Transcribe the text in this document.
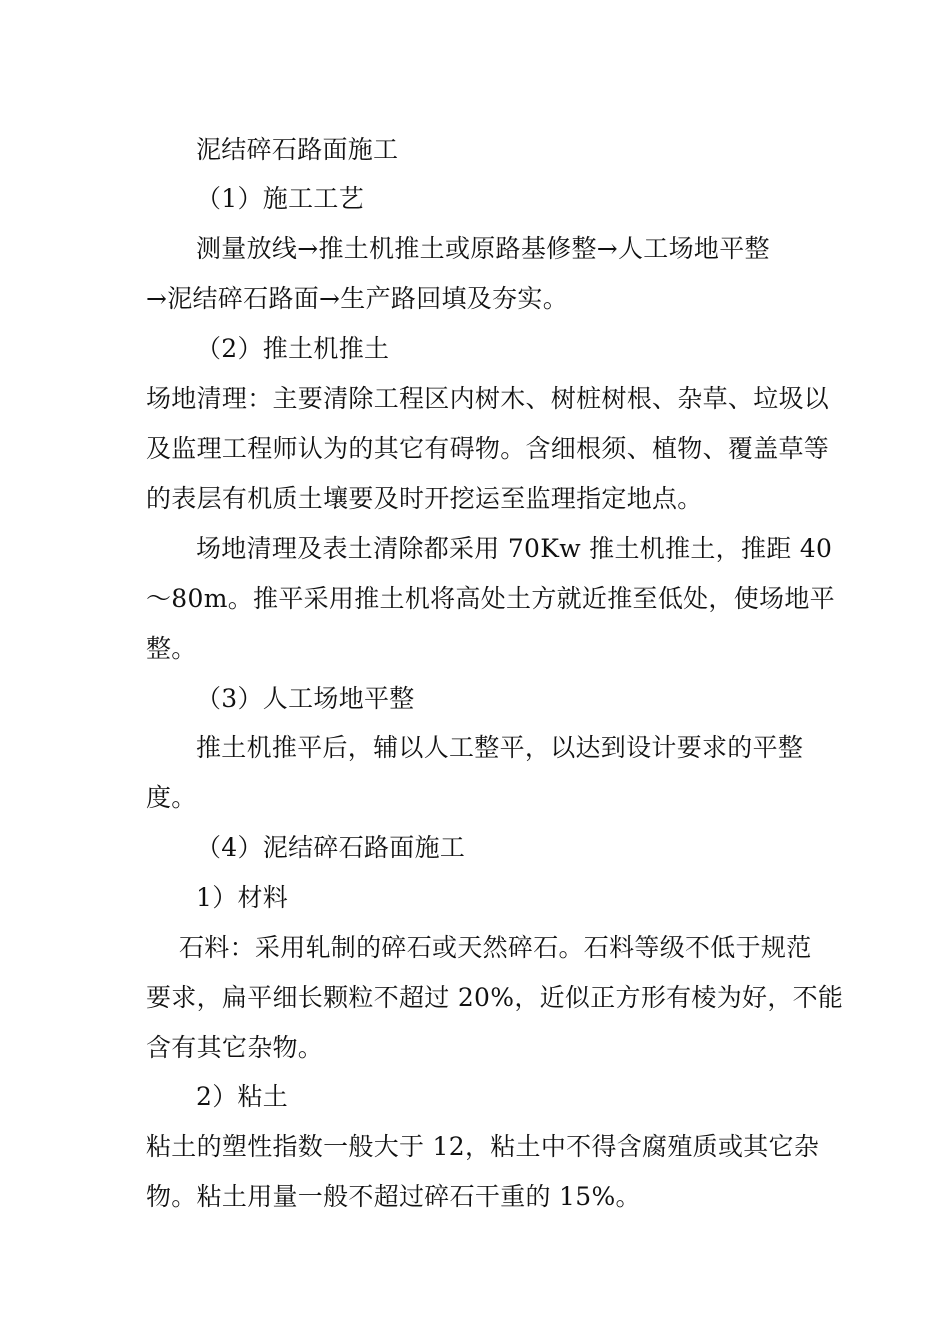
泥结碎石路面施工
（1）施工工艺
测量放线→推土机推土或原路基修整→人工场地平整
→泥结碎石路面→生产路回填及夯实。
（2）推土机推土
场地清理：主要清除工程区内树木、树桩树根、杂草、垃圾以
及监理工程师认为的其它有碍物。含细根须、植物、覆盖草等
的表层有机质土壤要及时开挖运至监理指定地点。
场地清理及表土清除都采用 70Kw 推土机推土，推距 40
～80m。推平采用推土机将高处土方就近推至低处，使场地平
整。
（3）人工场地平整
推土机推平后，辅以人工整平，以达到设计要求的平整
度。
（4）泥结碎石路面施工
1）材料
石料：采用轧制的碎石或天然碎石。石料等级不低于规范
要求，扁平细长颗粒不超过 20%，近似正方形有棱为好，不能
含有其它杂物。
2）粘土
粘土的塑性指数一般大于 12，粘土中不得含腐殖质或其它杂
物。粘土用量一般不超过碎石干重的 15%。
